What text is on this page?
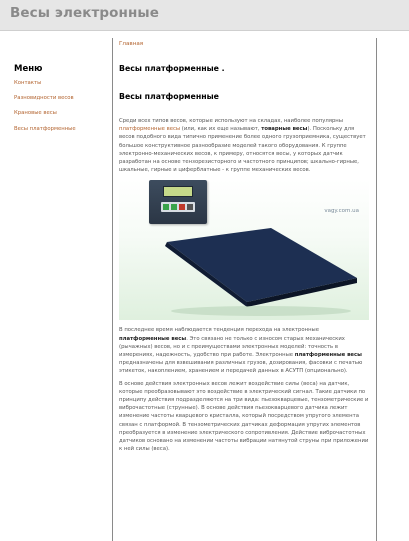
Весы электронные
Меню
Контакты
Разновидности весов
Крановые весы
Весы платформенные
Главная
Весы платформенные .
Весы платформенные

Среди всех типов весов, которые используют на складах, наиболее популярны платформенные весы (или, как их еще называют, товарные весы). Поскольку для весов подобного вида типично применение более одного грузоприемника, существует большое конструктивное разнообразие моделей такого оборудования. К группе электронно-механических весов, к примеру, относятся весы, у которых датчик разработан на основе тензорезисторного и частотного принципов; шкально-гирные, шкальные, гирные и циферблатные - к группе механических весов.

vagy.com.ua

В последнее время наблюдается тенденция перехода на электронные платформенные весы. Это связано не только с износом старых механических (рычажных) весов, но и с преимуществами электронных моделей: точность в измерениях, надежность, удобство при работе. Электронные платформенные весы предназначены для взвешивания различных грузов, дозирования, фасовки с печатью этикеток, накоплением, хранением и передачей данных в АСУТП (опционально).

В основе действия электронных весов лежит воздействие силы (веса) на датчик, которые преобразовывают это воздействие в электрический сигнал. Такие датчики по принципу действия подразделяются на три вида: пьезокварцевые, тензометрические и виброчастотные (струнные). В основе действия пьезокварцевого датчика лежит изменение частоты кварцевого кристалла, который посредством упругого элемента связан с платформой. В тензометрических датчиках деформация упругих элементов преобразуется в изменение электрического сопротивления. Действие виброчастотных датчиков основано на изменении частоты вибрации натянутой струны при приложении к ней силы (веса).
